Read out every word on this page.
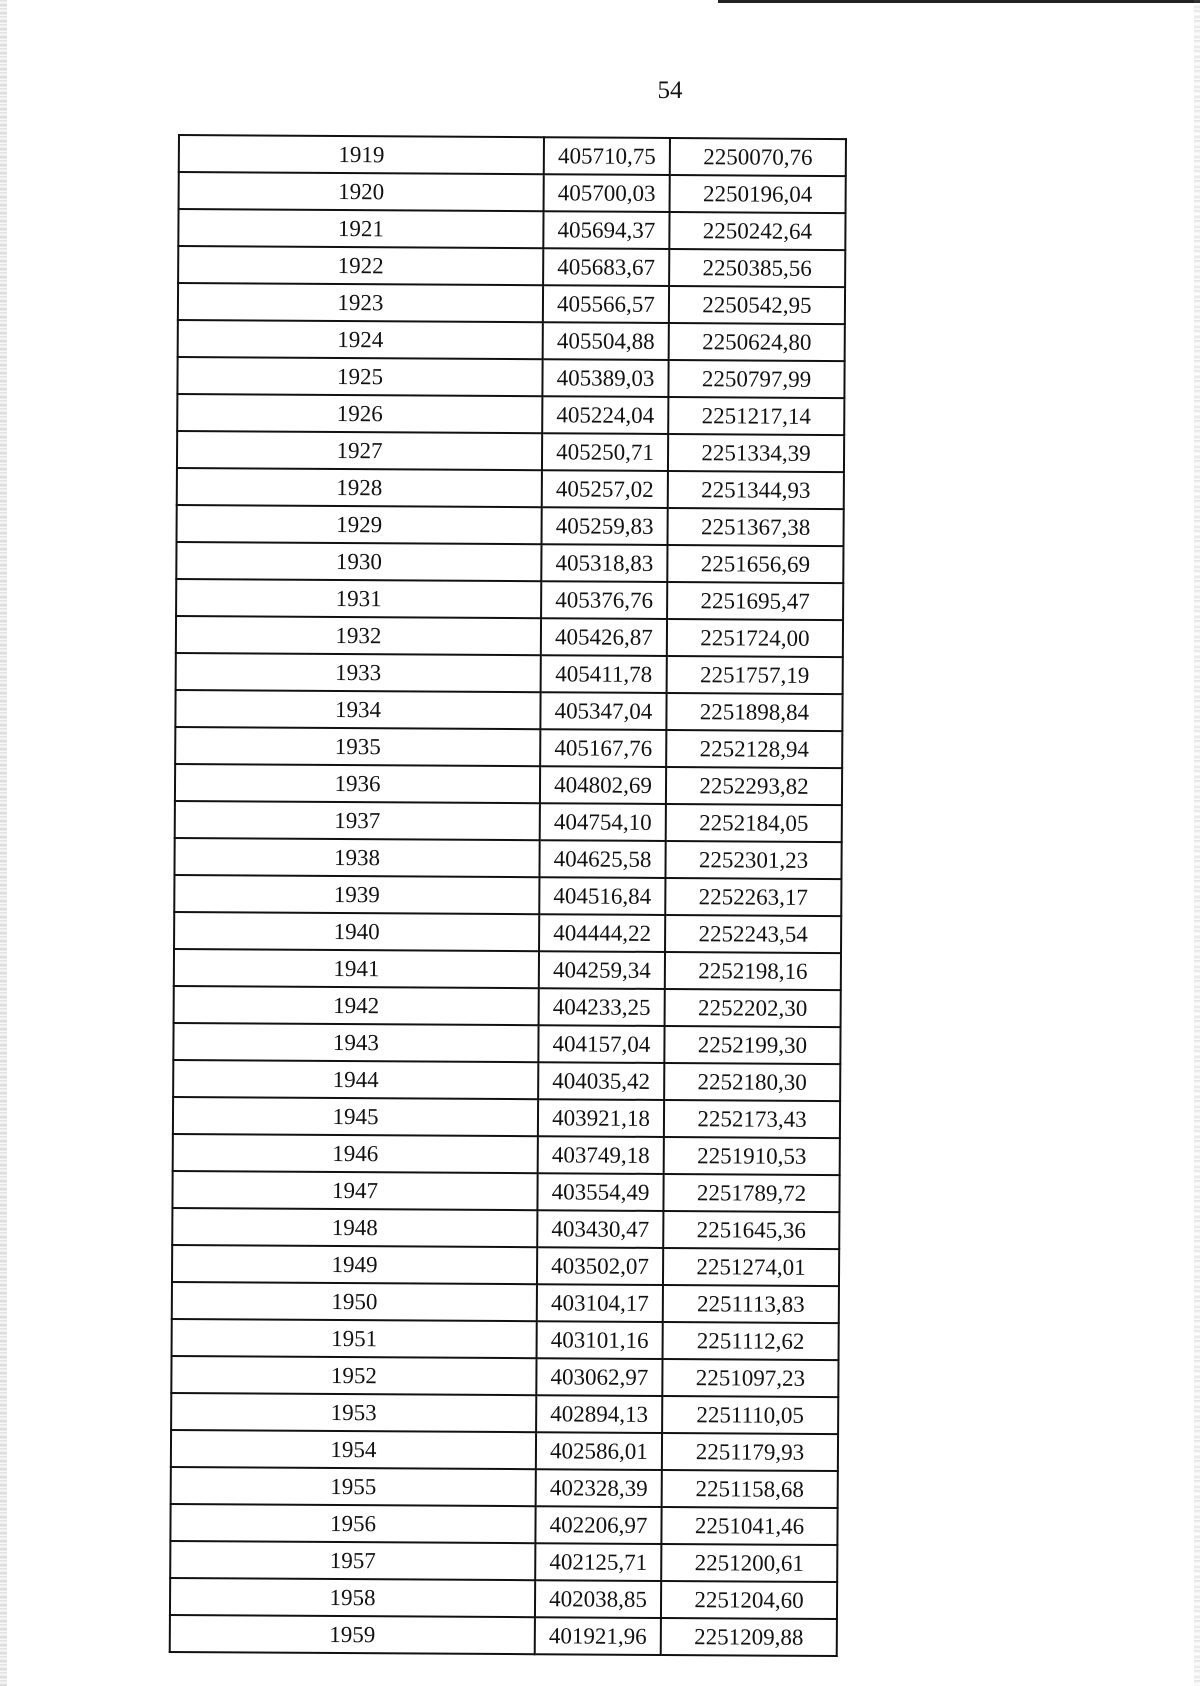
54
1919	405710,75	2250070,76
1920	405700,03	2250196,04
1921	405694,37	2250242,64
1922	405683,67	2250385,56
1923	405566,57	2250542,95
1924	405504,88	2250624,80
1925	405389,03	2250797,99
1926	405224,04	2251217,14
1927	405250,71	2251334,39
1928	405257,02	2251344,93
1929	405259,83	2251367,38
1930	405318,83	2251656,69
1931	405376,76	2251695,47
1932	405426,87	2251724,00
1933	405411,78	2251757,19
1934	405347,04	2251898,84
1935	405167,76	2252128,94
1936	404802,69	2252293,82
1937	404754,10	2252184,05
1938	404625,58	2252301,23
1939	404516,84	2252263,17
1940	404444,22	2252243,54
1941	404259,34	2252198,16
1942	404233,25	2252202,30
1943	404157,04	2252199,30
1944	404035,42	2252180,30
1945	403921,18	2252173,43
1946	403749,18	2251910,53
1947	403554,49	2251789,72
1948	403430,47	2251645,36
1949	403502,07	2251274,01
1950	403104,17	2251113,83
1951	403101,16	2251112,62
1952	403062,97	2251097,23
1953	402894,13	2251110,05
1954	402586,01	2251179,93
1955	402328,39	2251158,68
1956	402206,97	2251041,46
1957	402125,71	2251200,61
1958	402038,85	2251204,60
1959	401921,96	2251209,88
